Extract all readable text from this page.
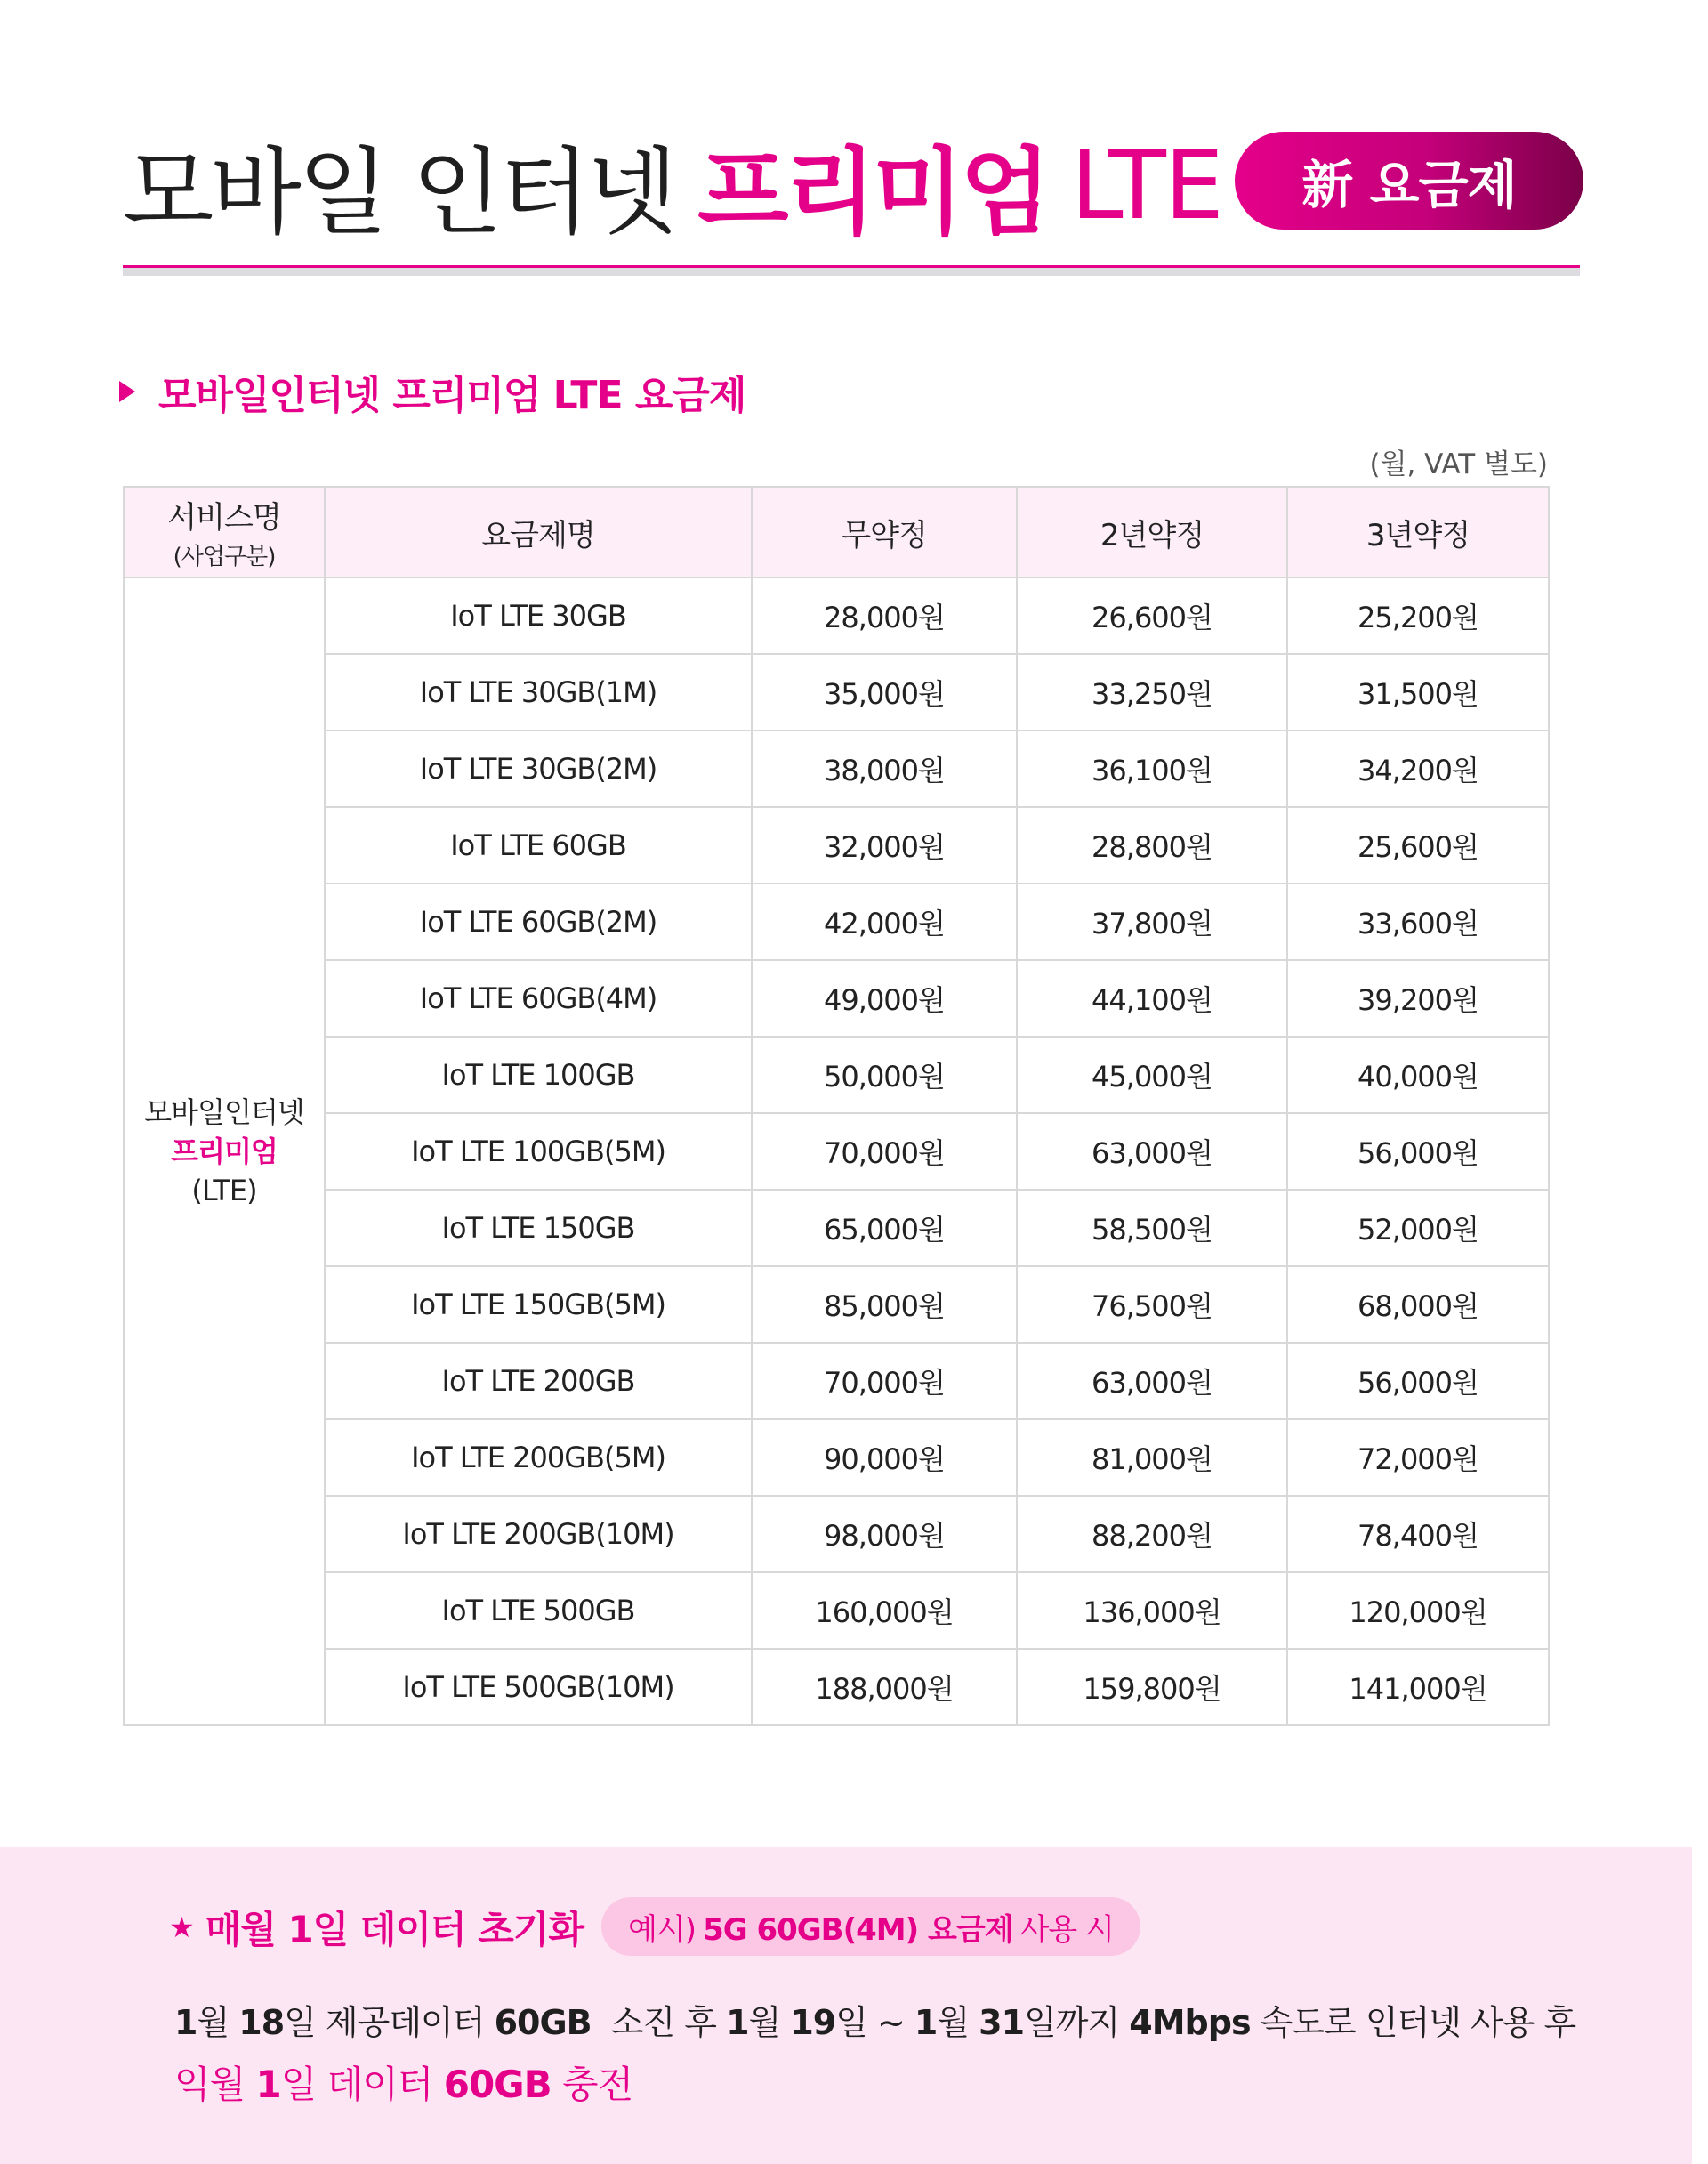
모바일 인터넷 프리미엄 LTE	新 요금제
모바일인터넷 프리미엄 LTE 요금제
(월, VAT 별도)
서비스명
(사업구분)	요금제명	무약정	2년약정	3년약정

모바일인터넷
프리미엄
(LTE)	IoT LTE 30GB	28,000원	26,600원	25,200원
	IoT LTE 30GB(1M)	35,000원	33,250원	31,500원
	IoT LTE 30GB(2M)	38,000원	36,100원	34,200원
	IoT LTE 60GB	32,000원	28,800원	25,600원
	IoT LTE 60GB(2M)	42,000원	37,800원	33,600원
	IoT LTE 60GB(4M)	49,000원	44,100원	39,200원
	IoT LTE 100GB	50,000원	45,000원	40,000원
	IoT LTE 100GB(5M)	70,000원	63,000원	56,000원
	IoT LTE 150GB	65,000원	58,500원	52,000원
	IoT LTE 150GB(5M)	85,000원	76,500원	68,000원
	IoT LTE 200GB	70,000원	63,000원	56,000원
	IoT LTE 200GB(5M)	90,000원	81,000원	72,000원
	IoT LTE 200GB(10M)	98,000원	88,200원	78,400원
	IoT LTE 500GB	160,000원	136,000원	120,000원
	IoT LTE 500GB(10M)	188,000원	159,800원	141,000원
★ 매월 1일 데이터 초기화 예시) 5G 60GB(4M) 요금제 사용 시
1월 18일 제공데이터 60GB  소진 후 1월 19일 ~ 1월 31일까지 4Mbps 속도로 인터넷 사용 후
익월 1일 데이터 60GB 충전
